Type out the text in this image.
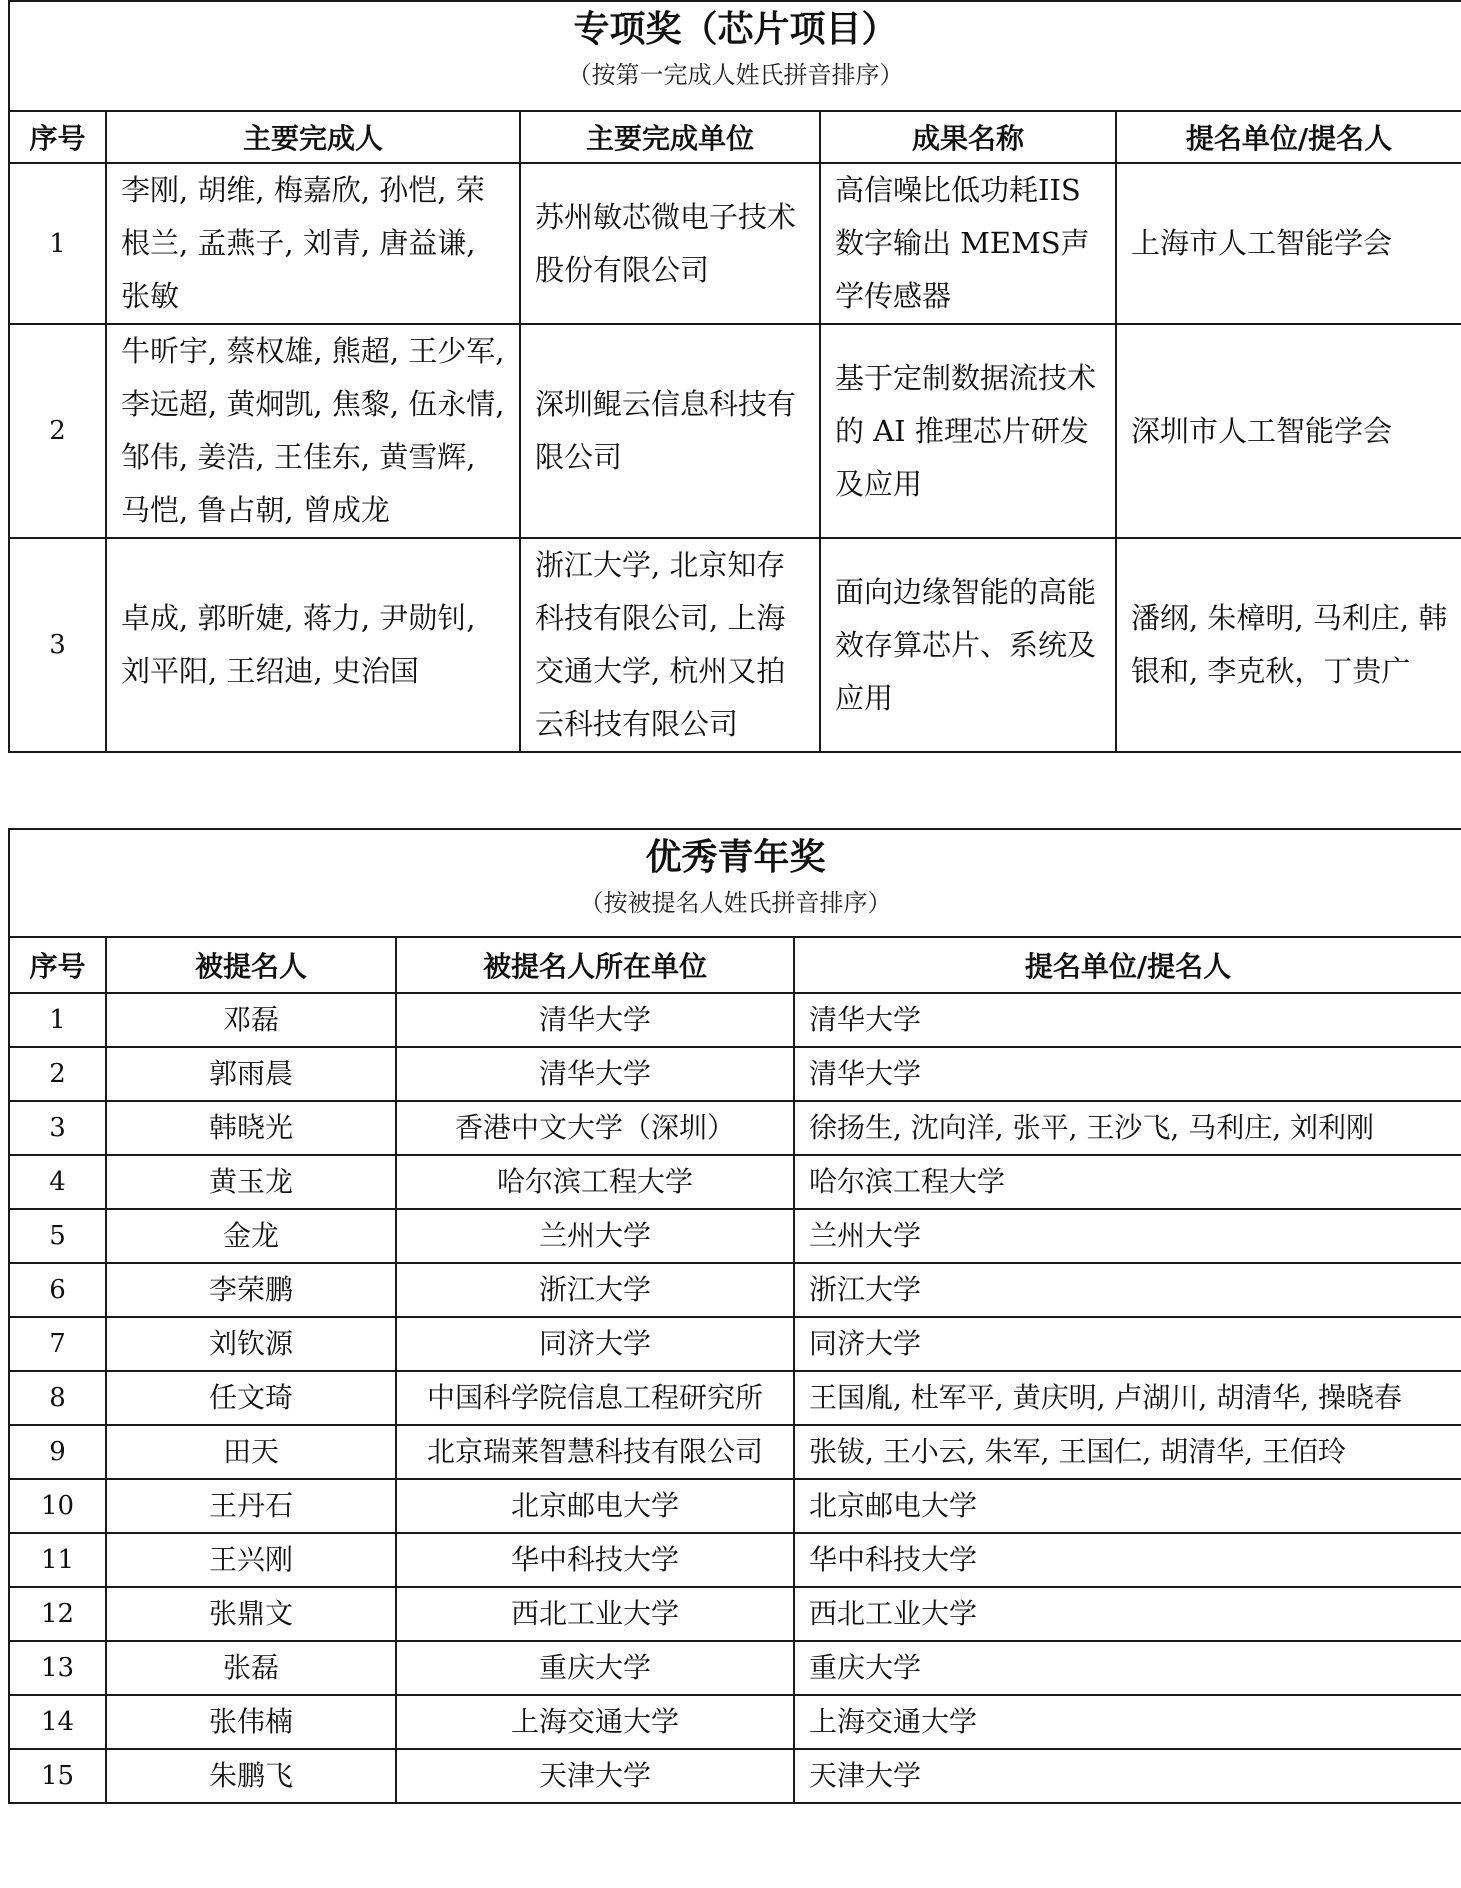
专项奖（芯片项目）
（按第一完成人姓氏拼音排序）				

序号	主要完成人	主要完成单位	成果名称	提名单位/提名人
1	李刚, 胡维, 梅嘉欣, 孙恺, 荣根兰, 孟燕子, 刘青, 唐益谦, 张敏	苏州敏芯微电子技术股份有限公司	高信噪比低功耗IIS 数字输出 MEMS声学传感器	上海市人工智能学会
2	牛昕宇, 蔡权雄, 熊超, 王少军, 李远超, 黄炯凯, 焦黎, 伍永情, 邹伟, 姜浩, 王佳东, 黄雪辉, 马恺, 鲁占朝, 曾成龙	深圳鲲云信息科技有限公司	基于定制数据流技术的 AI 推理芯片研发及应用	深圳市人工智能学会
3	卓成, 郭昕婕, 蒋力, 尹勋钊, 刘平阳, 王绍迪, 史治国	浙江大学, 北京知存科技有限公司, 上海交通大学, 杭州又拍云科技有限公司	面向边缘智能的高能效存算芯片、系统及应用	潘纲, 朱樟明, 马利庄, 韩银和, 李克秋，丁贵广
优秀青年奖
（按被提名人姓氏拼音排序）			

序号	被提名人	被提名人所在单位	提名单位/提名人
1	邓磊	清华大学	清华大学
2	郭雨晨	清华大学	清华大学
3	韩晓光	香港中文大学（深圳）	徐扬生, 沈向洋, 张平, 王沙飞, 马利庄, 刘利刚
4	黄玉龙	哈尔滨工程大学	哈尔滨工程大学
5	金龙	兰州大学	兰州大学
6	李荣鹏	浙江大学	浙江大学
7	刘钦源	同济大学	同济大学
8	任文琦	中国科学院信息工程研究所	王国胤, 杜军平, 黄庆明, 卢湖川, 胡清华, 操晓春
9	田天	北京瑞莱智慧科技有限公司	张钹, 王小云, 朱军, 王国仁, 胡清华, 王佰玲
10	王丹石	北京邮电大学	北京邮电大学
11	王兴刚	华中科技大学	华中科技大学
12	张鼎文	西北工业大学	西北工业大学
13	张磊	重庆大学	重庆大学
14	张伟楠	上海交通大学	上海交通大学
15	朱鹏飞	天津大学	天津大学
